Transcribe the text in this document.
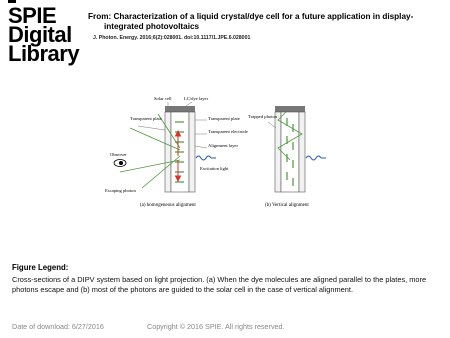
SPIE
Digital
Library
From: Characterization of a liquid crystal/dye cell for a future application in display-
integrated photovoltaics
J. Photon. Energy. 2016;6(2):028001. doi:10.1117/1.JPE.6.028001
Solar cell	LC/dye layer
Transparent plate	Transparent plate
Transparent electrode
Alignment layer
Observer
Escaping photon
Excitation light
(a) homogeneous alignment
Trapped photon
(b) Vertical alignment
Figure Legend:
Cross-sections of a DIPV system based on light projection. (a) When the dye molecules are aligned parallel to the plates, more photons escape and (b) most of the photons are guided to the solar cell in the case of vertical alignment.
Date of download: 6/27/2016	Copyright © 2016 SPIE. All rights reserved.
